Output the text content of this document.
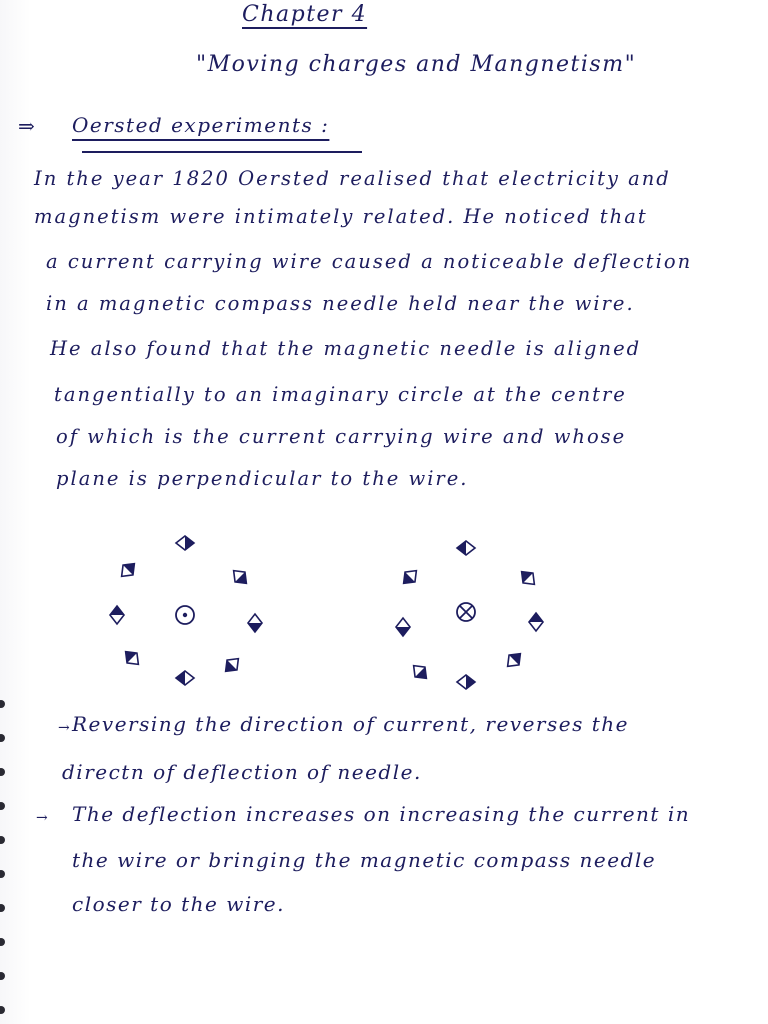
Chapter 4
"Moving charges and Mangnetism"
⇒ Oersted experiments :
In the year 1820 Oersted realised that electricity and
magnetism were intimately related. He noticed that
a current carrying wire caused a noticeable deflection
in a magnetic compass needle held near the wire.
He also found that the magnetic needle is aligned
tangentially to an imaginary circle at the centre
of which is the current carrying wire and whose
plane is perpendicular to the wire.
→ Reversing the direction of current, reverses the
directn of deflection of needle.
→ The deflection increases on increasing the current in
the wire or bringing the magnetic compass needle
closer to the wire.
